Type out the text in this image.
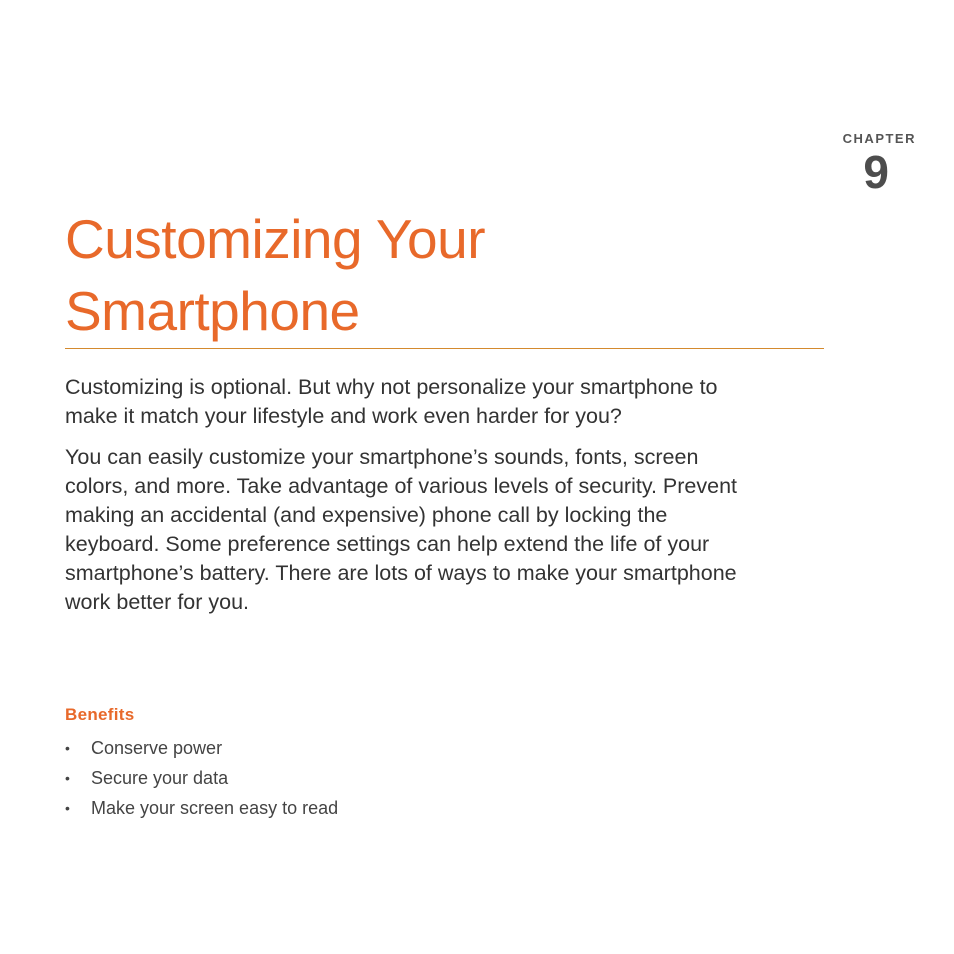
CHAPTER
9
Customizing Your
Smartphone

Customizing is optional. But why not personalize your smartphone to make it match your lifestyle and work even harder for you?

You can easily customize your smartphone’s sounds, fonts, screen colors, and more. Take advantage of various levels of security. Prevent making an accidental (and expensive) phone call by locking the keyboard. Some preference settings can help extend the life of your smartphone’s battery. There are lots of ways to make your smartphone work better for you.

Benefits
• Conserve power
• Secure your data
• Make your screen easy to read
